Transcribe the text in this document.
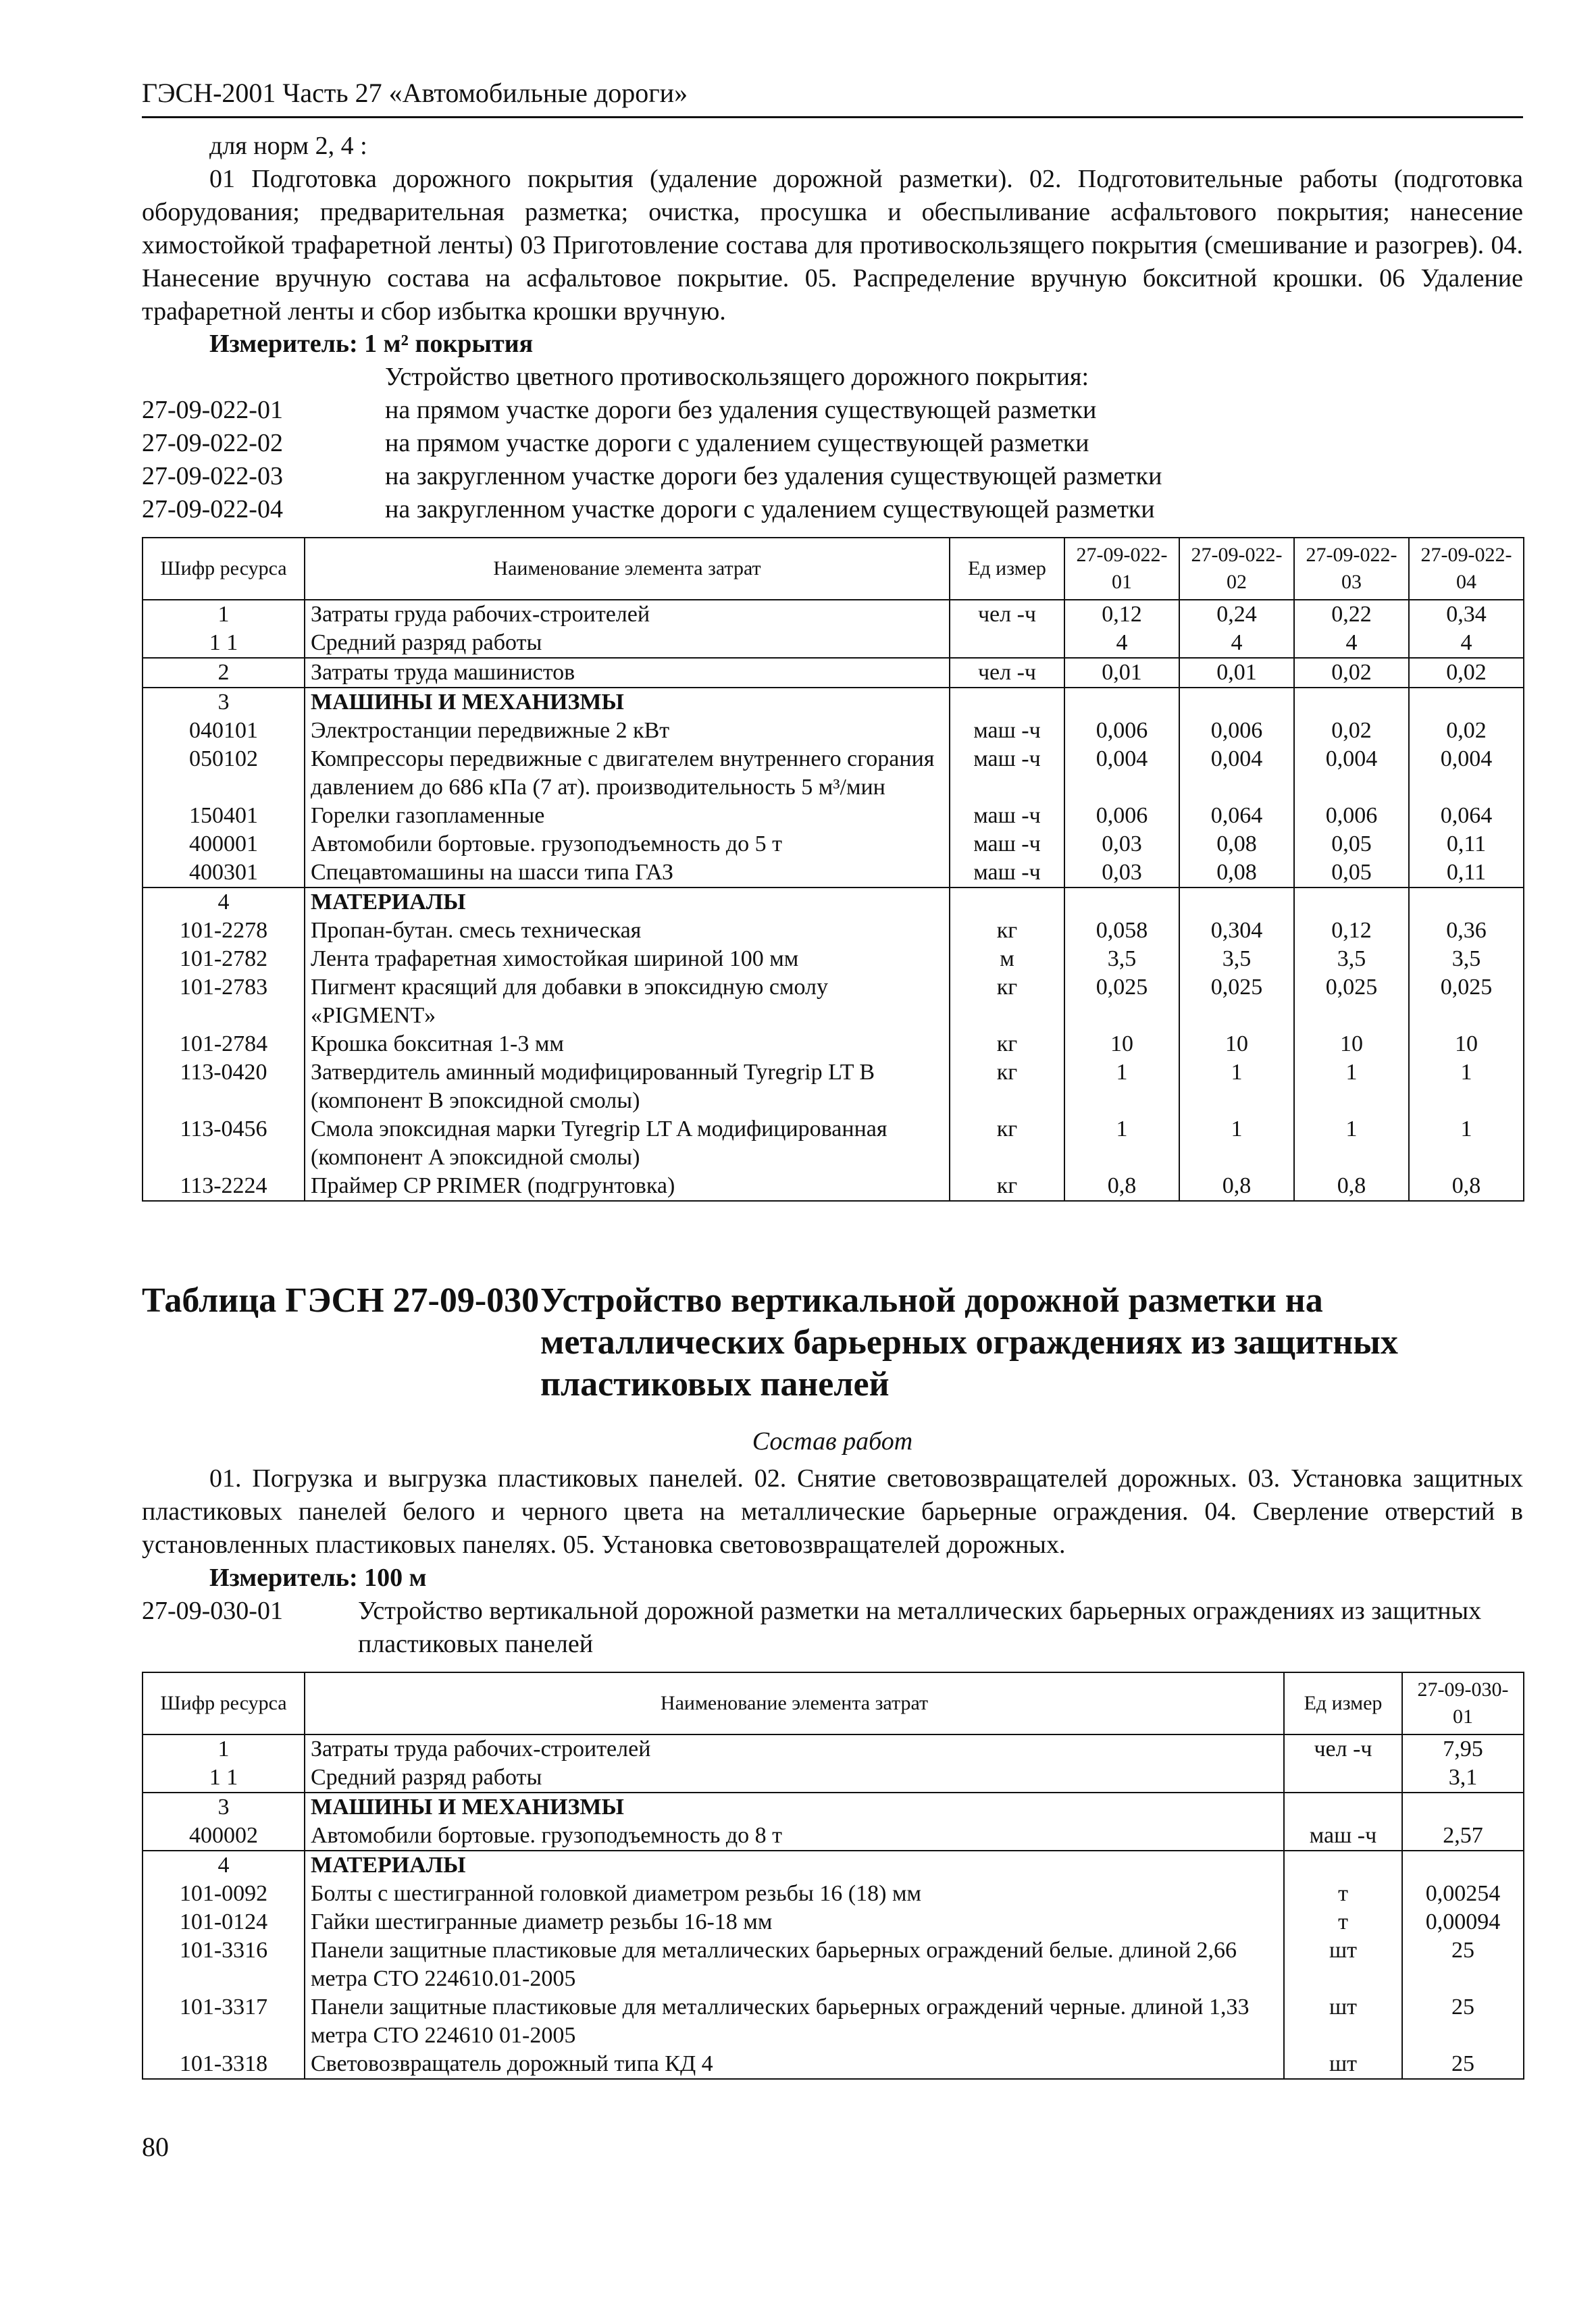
ГЭСН-2001 Часть 27 «Автомобильные дороги»
для норм 2, 4 :
01 Подготовка дорожного покрытия (удаление дорожной разметки). 02. Подготовительные работы (подготовка оборудования; предварительная разметка; очистка, просушка и обеспыливание асфальтового покрытия; нанесение химостойкой трафаретной ленты) 03 Приготовление состава для противоскользящего покрытия (смешивание и разогрев). 04. Нанесение вручную состава на асфальтовое покрытие. 05. Распределение вручную бокситной крошки. 06 Удаление трафаретной ленты и сбор избытка крошки вручную.
Измеритель: 1 м² покрытия
Устройство цветного противоскользящего дорожного покрытия:
27-09-022-01	на прямом участке дороги без удаления существующей разметки
27-09-022-02	на прямом участке дороги с удалением существующей разметки
27-09-022-03	на закругленном участке дороги без удаления существующей разметки
27-09-022-04	на закругленном участке дороги с удалением существующей разметки
Шифр ресурса	Наименование элемента затрат	Ед измер	27-09-022-01	27-09-022-02	27-09-022-03	27-09-022-04
1	Затраты груда рабочих-строителей	чел -ч	0,12	0,24	0,22	0,34
1 1	Средний разряд работы		4	4	4	4
2	Затраты труда машинистов	чел -ч	0,01	0,01	0,02	0,02
3	МАШИНЫ И МЕХАНИЗМЫ					
040101	Электростанции передвижные 2 кВт	маш -ч	0,006	0,006	0,02	0,02
050102	Компрессоры передвижные с двигателем внутреннего сгорания давлением до 686 кПа (7 ат). производительность 5 м³/мин	маш -ч	0,004	0,004	0,004	0,004
150401	Горелки газопламенные	маш -ч	0,006	0,064	0,006	0,064
400001	Автомобили бортовые. грузоподъемность до 5 т	маш -ч	0,03	0,08	0,05	0,11
400301	Спецавтомашины на шасси типа ГАЗ	маш -ч	0,03	0,08	0,05	0,11
4	МАТЕРИАЛЫ					
101-2278	Пропан-бутан. смесь техническая	кг	0,058	0,304	0,12	0,36
101-2782	Лента трафаретная химостойкая шириной 100 мм	м	3,5	3,5	3,5	3,5
101-2783	Пигмент красящий для добавки в эпоксидную смолу «PIGMENT»	кг	0,025	0,025	0,025	0,025
101-2784	Крошка бокситная 1-3 мм	кг	10	10	10	10
113-0420	Затвердитель аминный модифицированный Tyregrip LT B (компонент B эпоксидной смолы)	кг	1	1	1	1
113-0456	Смола эпоксидная марки Tyregrip LT A модифицированная (компонент A эпоксидной смолы)	кг	1	1	1	1
113-2224	Праймер CP PRIMER (подгрунтовка)	кг	0,8	0,8	0,8	0,8
Таблица ГЭСН 27-09-030 Устройство вертикальной дорожной разметки на металлических барьерных ограждениях из защитных пластиковых панелей
Состав работ
01. Погрузка и выгрузка пластиковых панелей. 02. Снятие световозвращателей дорожных. 03. Установка защитных пластиковых панелей белого и черного цвета на металлические барьерные ограждения. 04. Сверление отверстий в установленных пластиковых панелях. 05. Установка световозвращателей дорожных.
Измеритель: 100 м
27-09-030-01	Устройство вертикальной дорожной разметки на металлических барьерных ограждениях из защитных пластиковых панелей
Шифр ресурса	Наименование элемента затрат	Ед измер	27-09-030-01
1	Затраты труда рабочих-строителей	чел -ч	7,95
1 1	Средний разряд работы		3,1
3	МАШИНЫ И МЕХАНИЗМЫ		
400002	Автомобили бортовые. грузоподъемность до 8 т	маш -ч	2,57
4	МАТЕРИАЛЫ		
101-0092	Болты с шестигранной головкой диаметром резьбы 16 (18) мм	т	0,00254
101-0124	Гайки шестигранные диаметр резьбы 16-18 мм	т	0,00094
101-3316	Панели защитные пластиковые для металлических барьерных ограждений белые. длиной 2,66 метра СТО 224610.01-2005	шт	25
101-3317	Панели защитные пластиковые для металлических барьерных ограждений черные. длиной 1,33 метра СТО 224610 01-2005	шт	25
101-3318	Световозвращатель дорожный типа КД 4	шт	25
80
